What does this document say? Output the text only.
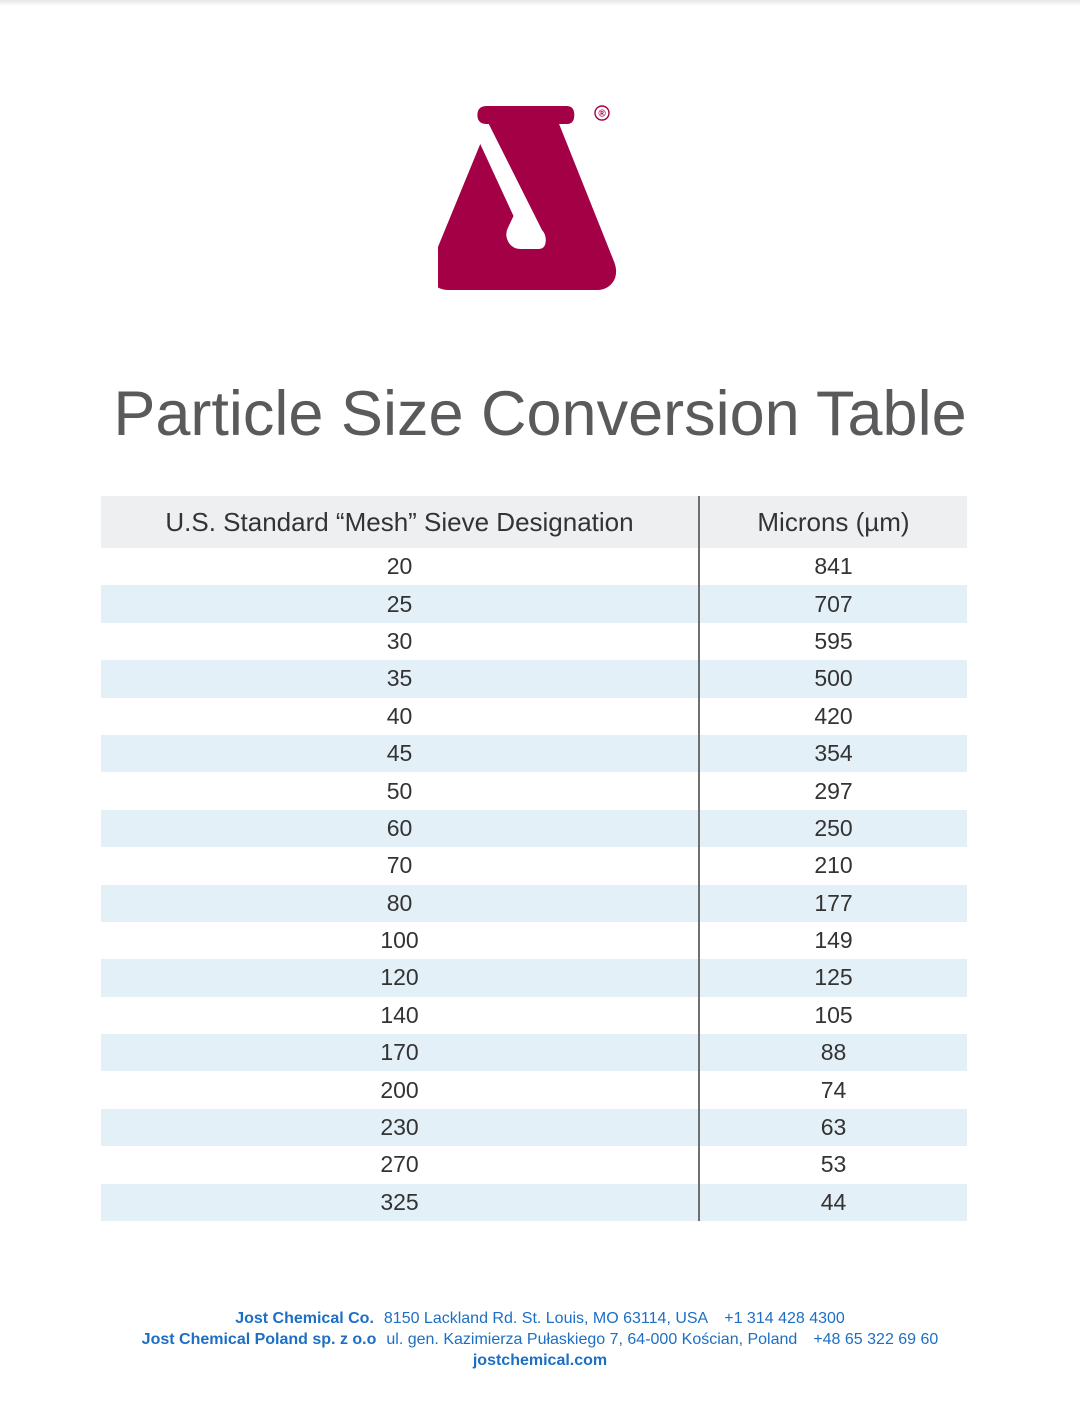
®
Particle Size Conversion Table
U.S. Standard “Mesh” Sieve Designation	Microns (µm)
20	841
25	707
30	595
35	500
40	420
45	354
50	297
60	250
70	210
80	177
100	149
120	125
140	105
170	88
200	74
230	63
270	53
325	44
Jost Chemical Co. 8150 Lackland Rd. St. Louis, MO 63114, USA +1 314 428 4300
Jost Chemical Poland sp. z o.o ul. gen. Kazimierza Pułaskiego 7, 64-000 Kościan, Poland +48 65 322 69 60
jostchemical.com
